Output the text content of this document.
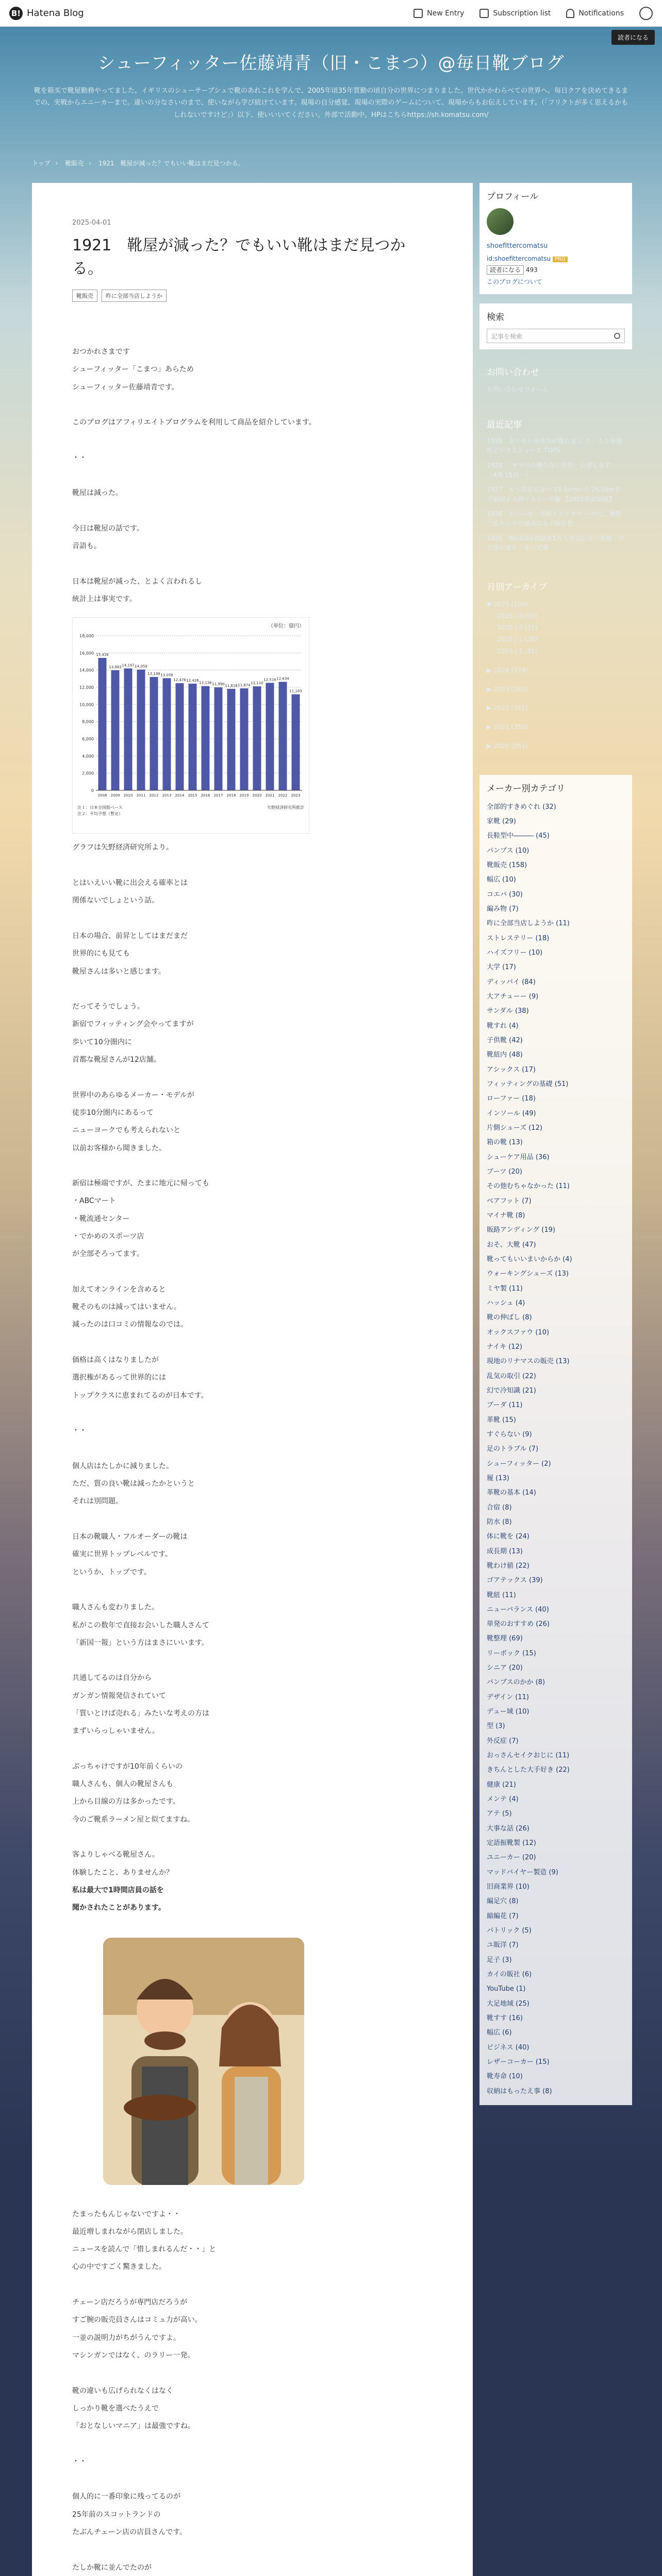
B! Hatena Blog	New Entry	Subscription list	Notifications
読者になる
シューフィッター佐藤靖青（旧・こまつ）@毎日靴ブログ
靴を箱买で靴屋勤務やってました。イギリスのシューサーブシュで靴のあれこれを学んで、2005年頃35年質勤の頃自分の世界につまりました。世代かかわらべての世界へ。毎日クアを決めてきるまでの、実戦からエニーカーまで。違いの分なさいのまで、使いながら学び続けています。現場の自分感覚、現場の実際のゲームについて、現場からもお伝えしています。（「フリクトが多く思えるかもしれないですけど」）以下、使いいいてください。外部で活動中。HPはこちらhttps://sh.komatsu.com/
トップ › 靴販売 › 1921　靴屋が減った？でもいい靴はまだ見つかる。
2025-04-01
1921　靴屋が減った？でもいい靴はまだ見つかる。
靴販売	昨に全部当店しようか

おつかれさまです

シューフィッター「こまつ」あらため

シューフィッター佐藤靖青です。

このブログはアフィリエイトプログラムを利用して商品を紹介しています。

・・

靴屋は減った。

今日は靴屋の話です。

音語も。

日本は靴屋が減った、とよく言われるし

統計上は事実です。

（単位：億円）
0
2,000
4,000
6,000
8,000
10,000
12,000
14,000
16,000
18,000
15,416
2008
13,983
2009
14,197
2010
14,059
2011
13,198
2012
13,058
2013
12,476
2014
12,426
2015
12,136
2016
11,990
2017
11,818
2018
11,874
2019
12,110
2020
12,516
2021
12,634
2022
11,183
2023
注１：日本全国版ベース
注２：平均予想（暫定）
矢野経済研究所推計

グラフは矢野経済研究所より。

とはいえいい靴に出会える確率とは

関係ないでしょという話。

日本の場合、前昇としてはまだまだ

世界的にも見ても

靴屋さんは多いと感じます。

だってそうでしょう。

新宿でフィッティング会やってますが

歩いて10分圏内に

首都な靴屋さんが12店舗。

世界中のあらゆるメーカー・モデルが

徒歩10分圏内にあるって

ニューヨークでも考えられないと

以前お客様から聞きました。

新宿は極端ですが、たまに地元に帰っても

・ABCマート

・靴流通センター

・でかめのスポーツ店

が全部そろってます。

加えてオンラインを含めると

靴そのものは減ってはいません。

減ったのは口コミの情報なのでは。

価格は高くはなりましたが

選択権があるって世界的には

トップクラスに恵まれてるのが日本です。

・・

個人店はたしかに減りました。

ただ、質の良い靴は減ったかというと

それは別問題。

日本の靴職人・フルオーダーの靴は

確実に世界トップレベルです。

というか、トップです。

職人さんも変わりました。

私がこの数年で直接お会いした職人さんて

「新国一報」という方はまさにいいます。

共通してるのは自分から

ガンガン情報発信されていて

「質いとけば売れる」みたいな考えの方は

まずいらっしゃいません。

ぶっちゃけですが10年前くらいの

職人さんも、個人の靴屋さんも

上から目線の方は多かったです。

今のご靴系ラーメン屋と似てますね。

客よりしゃべる靴屋さん。

体験したこと、ありませんか？

私は最大で1時間店員の話を

聞かされたことがあります。

たまったもんじゃないですよ・・

最近増しまれながら閉店しました。

ニュースを読んで「惜しまれるんだ・・」と

心の中ですごく驚きました。

チェーン店だろうが専門店だろうが

すご腕の販売員さんはコミュ力が高い。

一並の説明力がちがうんですよ。

マシンガンではなく、のラリー一発。

靴の違いも広げられなくはなく

しっかり靴を選べたうえで

「おとなしいマニア」は最強ですね。

・・

個人的に一番印象に残ってるのが

25年前のスコットランドの

たぶんチェーン店の店員さんです。

たしか靴に並んでたのが

プロフィール
shoefittercomatsu
id:shoefittercomatsu PRO
読者になる 493
このブログについて
検索
記事を検索
お問い合わせ
お問い合わせフォーム
最近記事
1929　歩くもい身体力が整わまし た、うり身着性ビジネスシュース TOP5
1928　「ヤマコの靴のない世界」公表します（4/8 15日〜）
1927　もう紹ならない 21.5cmから 26.5cmまで展開する神アスリーズ履 【2025年最新版】
1926　エニーカー気軽アメリカザー 中に、履物で私センテで最高にも不格好性
1925　YouTube登録者1万人達成記念・書籍・カ自身の誰も一まい記事
月別アーカイブ
▼ 2025 (100)
2025 / 4 (10)
2025 / 3 (31)
2025 / 2 (28)
2025 / 1 (31)
▶ 2024 (374)
▶ 2023 (365)
▶ 2022 (361)
▶ 2021 (356)
▶ 2020 (261)
メーカー別カテゴリ
全部的すきめぐれ (32)
家靴 (29)
長鞋型中――― (45)
パンプス (10)
靴販売 (158)
幅広 (10)
コエバ (30)
編み物 (7)
昨に全部当店しようか (11)
ストレステリー (18)
ハイズフリー (10)
大学 (17)
ディッパイ (84)
大アチューー (9)
サンダル (38)
靴すれ (4)
子供靴 (42)
靴紐内 (48)
アシックス (17)
フィッティングの基礎 (51)
ローファー (18)
インソール (49)
片側シューズ (12)
箱の靴 (13)
シューケア用品 (36)
ブーツ (20)
その他むちゃなかった (11)
ベアフット (7)
マイナ靴 (8)
販路アンディング (19)
おそ、大靴 (47)
靴ってもいいまいからか (4)
ウォーキングシューズ (13)
ミヤ製 (11)
ハッシュ (4)
靴の伸ばし (8)
オックスファウ (10)
ナイキ (12)
現地のリナマスの販売 (13)
乱気の取引 (22)
幻で冷知識 (21)
ブーダ (11)
革靴 (15)
すぐらない (9)
足のトラブル (7)
シューフィッター (2)
履 (13)
革靴の基本 (14)
合宿 (8)
防水 (8)
体に靴を (24)
成長期 (13)
靴わけ値 (22)
ゴアテックス (39)
靴紐 (11)
ニューバランス (40)
単発のおすすめ (26)
靴整理 (69)
リーボック (15)
シニア (20)
バンプスのかか (8)
デザイン (11)
デュー域 (10)
型 (3)
外反症 (7)
おっさんセイクおじに (11)
きちんとした大手好き (22)
健康 (21)
メンテ (4)
アテ (5)
大事な話 (26)
定語振靴製 (12)
ユニーカー (20)
マッドバイヤー製造 (9)
旧商業界 (10)
編足穴 (8)
縮編花 (7)
パトリック (5)
ユ販洋 (7)
足子 (3)
カイの販社 (6)
YouTube (1)
大足地域 (25)
靴すす (16)
幅広 (6)
ビジネス (40)
レザーコーカー (15)
靴寿命 (10)
収納はもったえ事 (8)
